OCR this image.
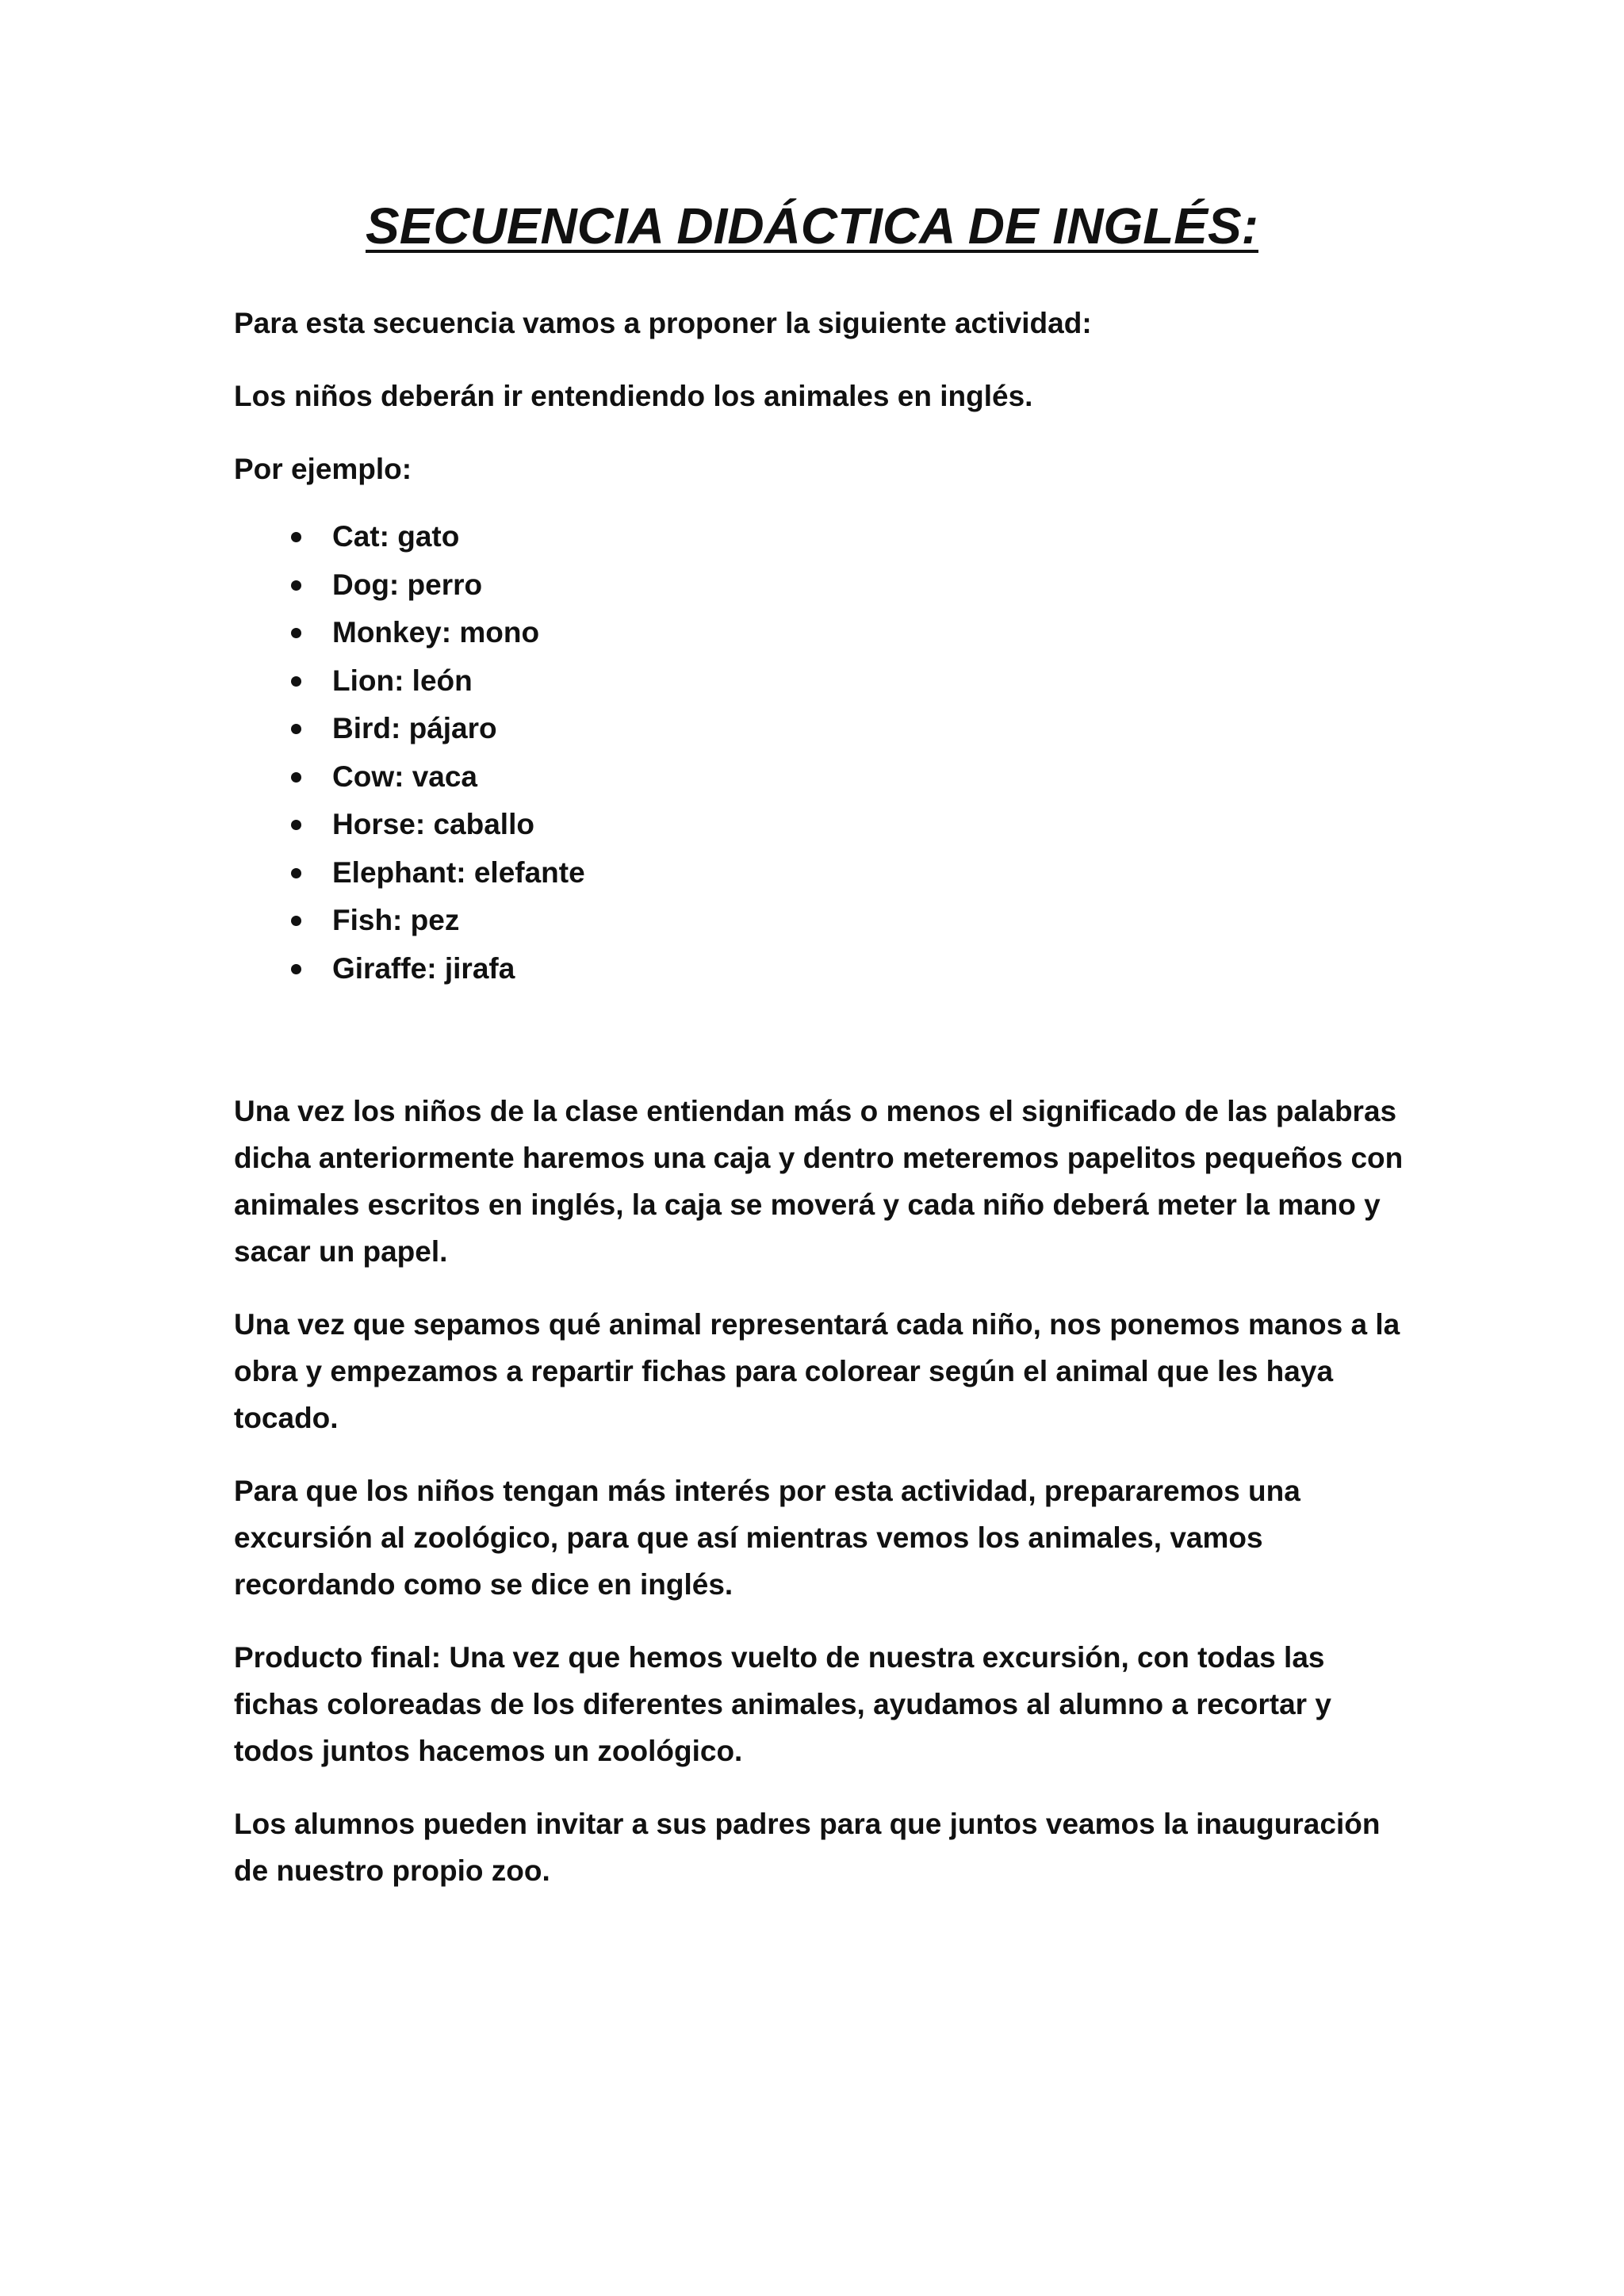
SECUENCIA DIDÁCTICA DE INGLÉS:

Para esta secuencia vamos a proponer la siguiente actividad:

Los niños deberán ir entendiendo los animales en inglés.

Por ejemplo:

Cat: gato
Dog: perro
Monkey: mono
Lion: león
Bird: pájaro
Cow: vaca
Horse: caballo
Elephant: elefante
Fish: pez
Giraffe: jirafa

Una vez los niños de la clase entiendan más o menos el significado de las palabras dicha anteriormente haremos una caja y dentro meteremos papelitos pequeños con animales escritos en inglés, la caja se moverá y cada niño deberá meter la mano y sacar un papel.

Una vez que sepamos qué animal representará cada niño, nos ponemos manos a la obra y empezamos a repartir fichas para colorear según el animal que les haya tocado.

Para que los niños tengan más interés por esta actividad, prepararemos una excursión al zoológico, para que así mientras vemos los animales, vamos recordando como se dice en inglés.

Producto final: Una vez que hemos vuelto de nuestra excursión, con todas las fichas coloreadas de los diferentes animales, ayudamos al alumno a recortar y todos juntos hacemos un zoológico.

Los alumnos pueden invitar a sus padres para que juntos veamos la inauguración de nuestro propio zoo.
